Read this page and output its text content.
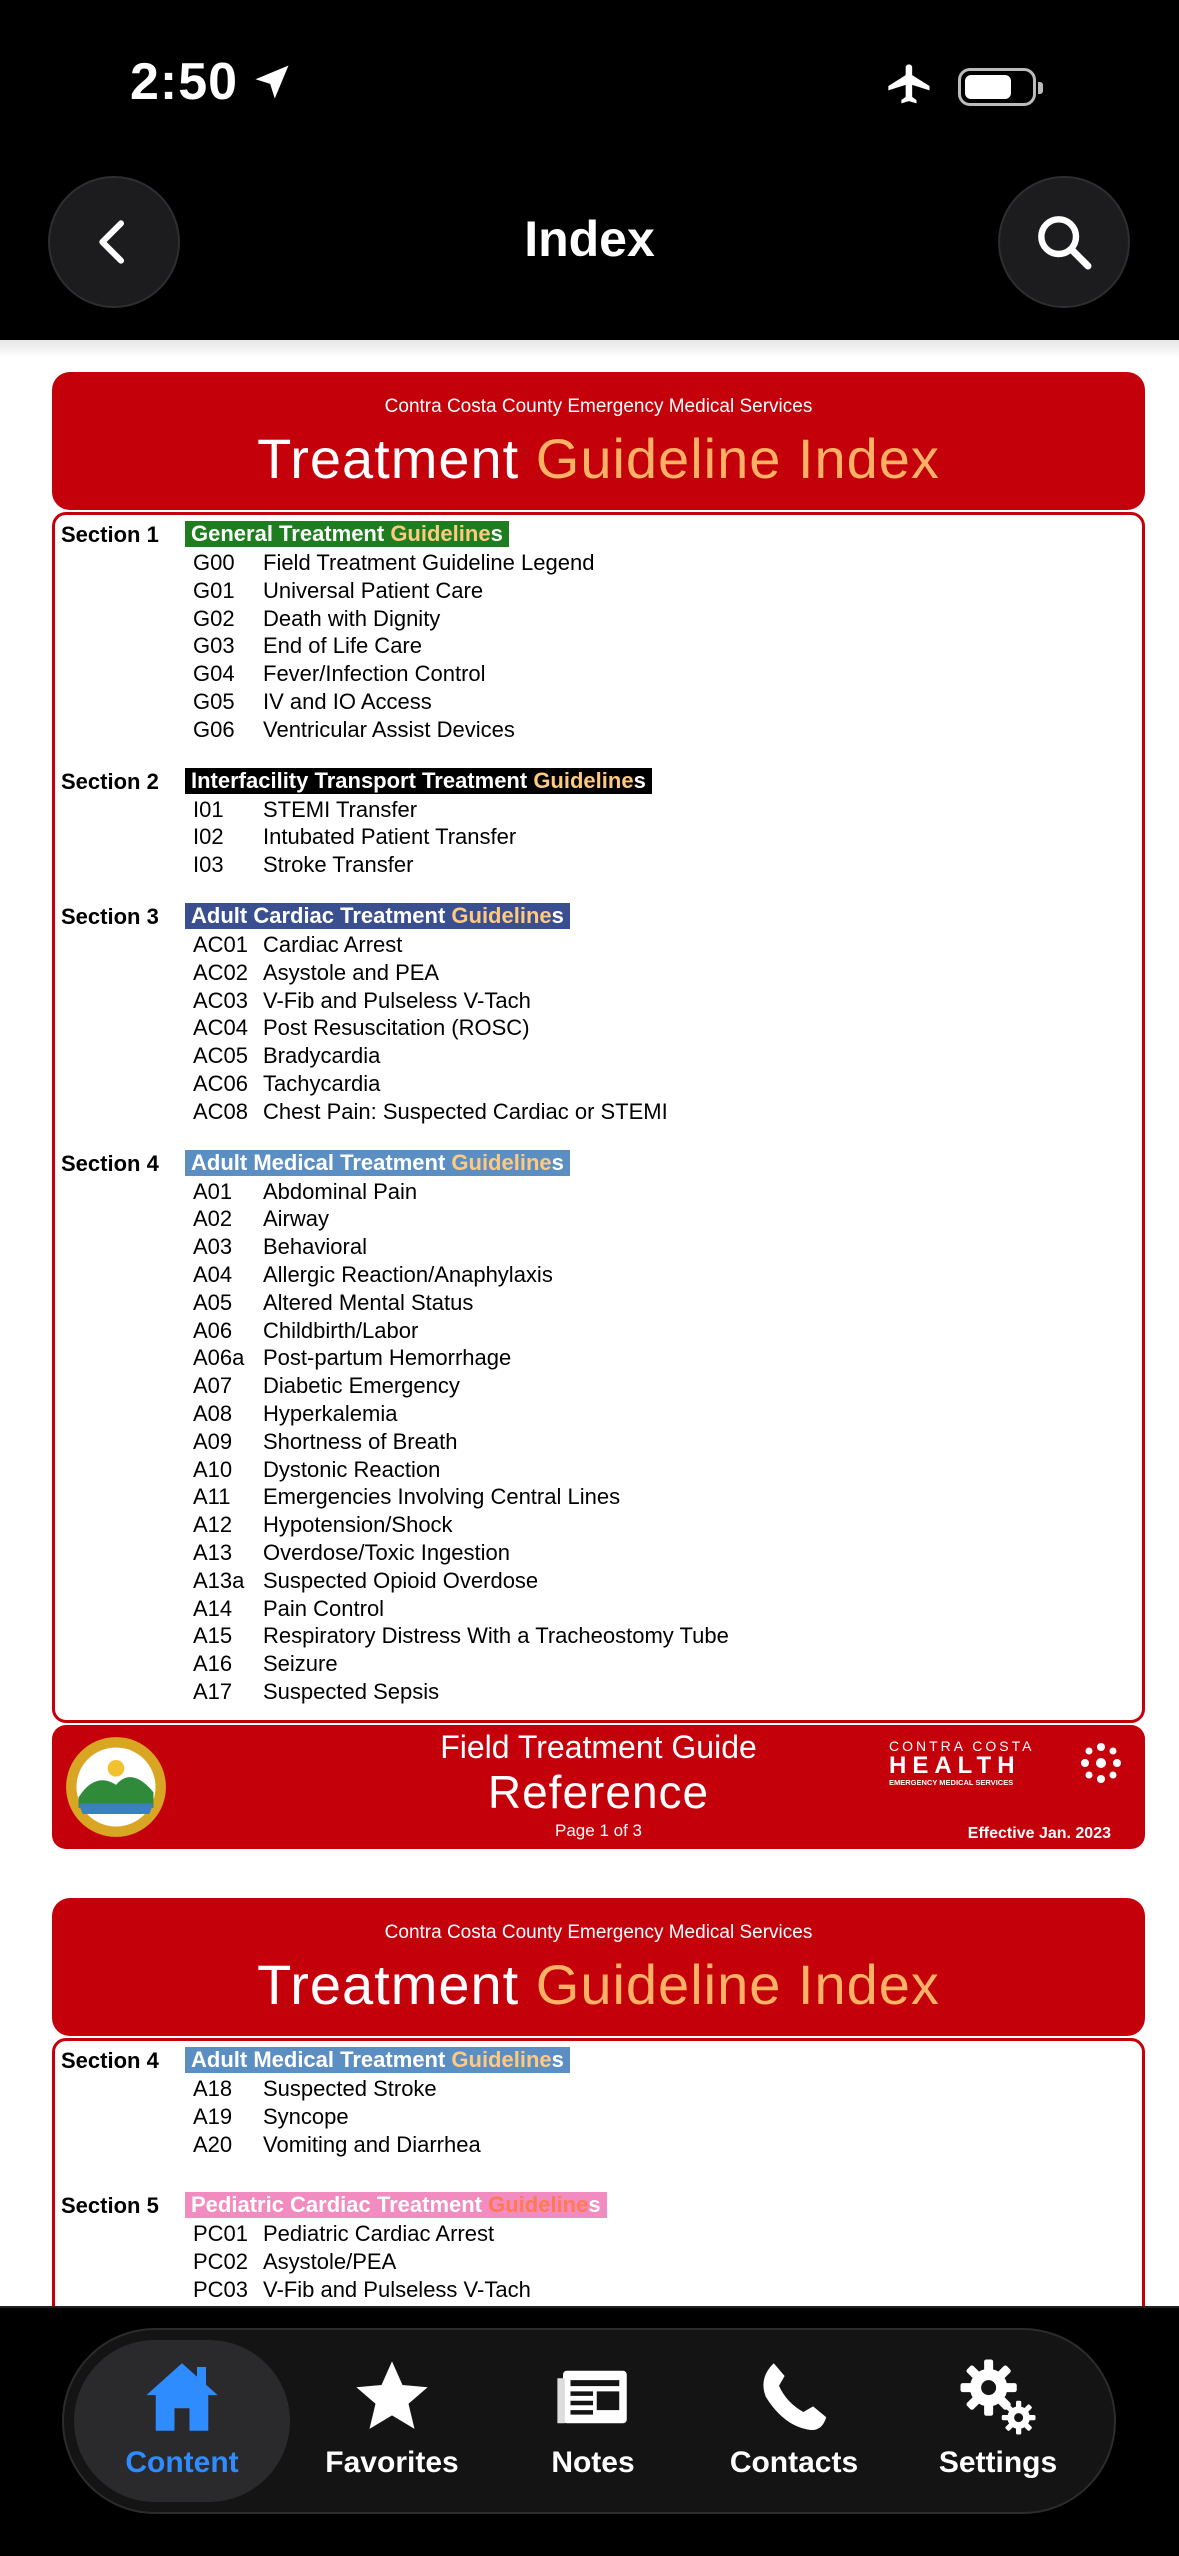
2:50
Index
Contra Costa County Emergency Medical Services
Treatment Guideline Index
Section 1	General Treatment Guidelines
G00	Field Treatment Guideline Legend
G01	Universal Patient Care
G02	Death with Dignity
G03	End of Life Care
G04	Fever/Infection Control
G05	IV and IO Access
G06	Ventricular Assist Devices
Section 2	Interfacility Transport Treatment Guidelines
I01	STEMI Transfer
I02	Intubated Patient Transfer
I03	Stroke Transfer
Section 3	Adult Cardiac Treatment Guidelines
AC01 Cardiac Arrest
AC02 Asystole and PEA
AC03 V-Fib and Pulseless V-Tach
AC04 Post Resuscitation (ROSC)
AC05 Bradycardia
AC06 Tachycardia
AC08 Chest Pain: Suspected Cardiac or STEMI
Section 4	Adult Medical Treatment Guidelines
A01	Abdominal Pain
A02	Airway
A03	Behavioral
A04	Allergic Reaction/Anaphylaxis
A05	Altered Mental Status
A06	Childbirth/Labor
A06a Post-partum Hemorrhage
A07	Diabetic Emergency
A08	Hyperkalemia
A09	Shortness of Breath
A10	Dystonic Reaction
A11	Emergencies Involving Central Lines
A12	Hypotension/Shock
A13	Overdose/Toxic Ingestion
A13a Suspected Opioid Overdose
A14	Pain Control
A15	Respiratory Distress With a Tracheostomy Tube
A16	Seizure
A17	Suspected Sepsis
Field Treatment Guide
Reference
Page 1 of 3
CONTRA COSTA
HEALTH
EMERGENCY MEDICAL SERVICES
Effective Jan. 2023
Contra Costa County Emergency Medical Services
Treatment Guideline Index
Section 4	Adult Medical Treatment Guidelines
A18	Suspected Stroke
A19	Syncope
A20	Vomiting and Diarrhea
Section 5	Pediatric Cardiac Treatment Guidelines
PC01 Pediatric Cardiac Arrest
PC02 Asystole/PEA
PC03 V-Fib and Pulseless V-Tach
Content	Favorites	Notes	Contacts	Settings
